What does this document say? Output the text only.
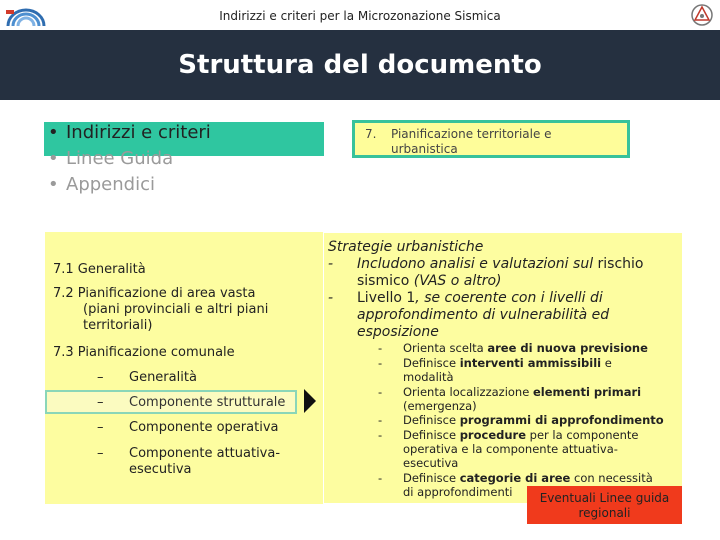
Indirizzi e criteri per la Microzonazione Sismica
Struttura del documento
• Indirizzi e criteri
• Linee Guida
• Appendici
7. Pianificazione territoriale e urbanistica
7.1 Generalità
7.2 Pianificazione di area vasta
(piani provinciali e altri piani
territoriali)
7.3 Pianificazione comunale
– Generalità
– Componente strutturale
– Componente operativa
– Componente attuativa-
esecutiva
Strategie urbanistiche
- Includono analisi e valutazioni sul rischio
sismico (VAS o altro)
- Livello 1, se coerente con i livelli di
approfondimento di vulnerabilità ed
esposizione
- Orienta scelta aree di nuova previsione
- Definisce interventi ammissibili e
modalità
- Orienta localizzazione elementi primari
(emergenza)
- Definisce programmi di approfondimento
- Definisce procedure per la componente
operativa e la componente attuativa-
esecutiva
- Definisce categorie di aree con necessità
di approfondimenti	Eventuali Linee guida
regionali
